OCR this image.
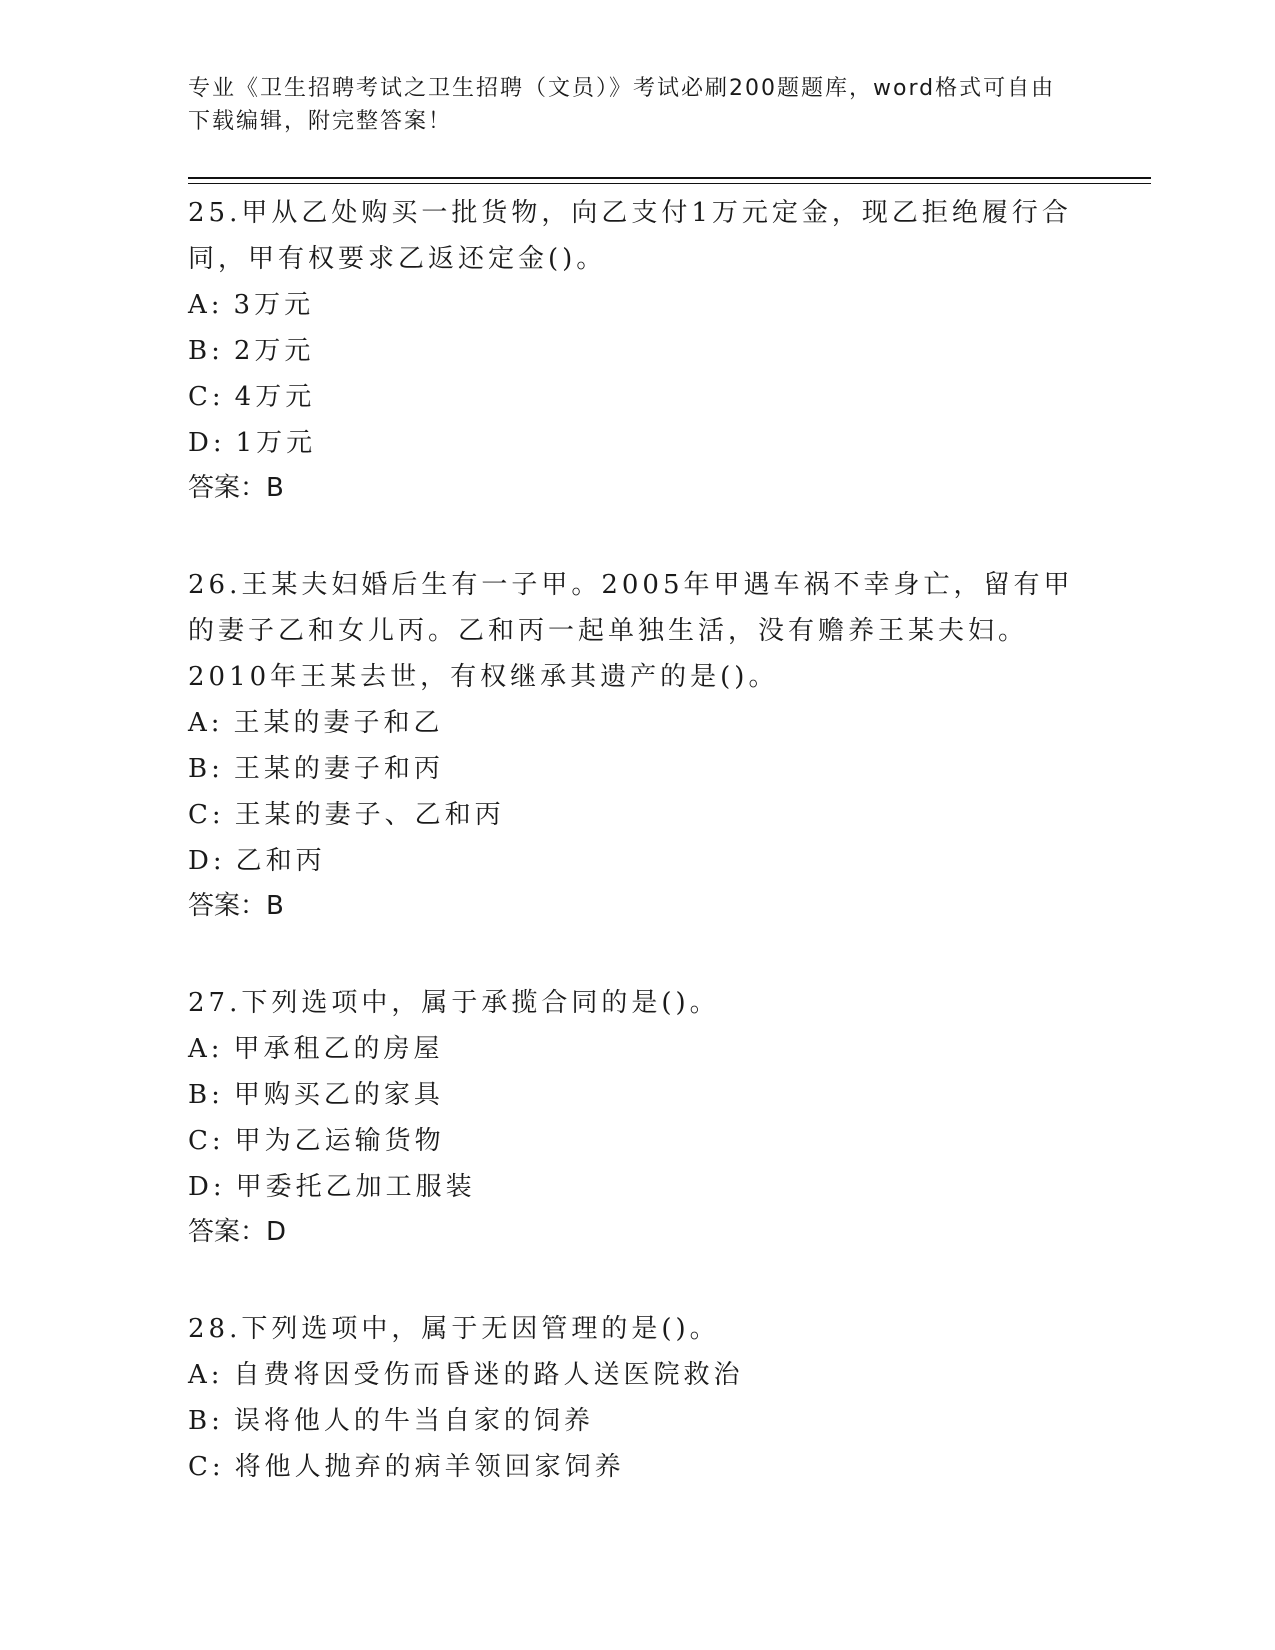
专业《卫生招聘考试之卫生招聘（文员）》考试必刷200题题库，word格式可自由下载编辑，附完整答案！

25.甲从乙处购买一批货物，向乙支付1万元定金，现乙拒绝履行合同，甲有权要求乙返还定金()。

A: 3万元

B: 2万元

C: 4万元

D: 1万元

答案：B

26.王某夫妇婚后生有一子甲。2005年甲遇车祸不幸身亡，留有甲的妻子乙和女儿丙。乙和丙一起单独生活，没有赡养王某夫妇。2010年王某去世，有权继承其遗产的是()。

A: 王某的妻子和乙

B: 王某的妻子和丙

C: 王某的妻子、乙和丙

D: 乙和丙

答案：B

27.下列选项中，属于承揽合同的是()。

A: 甲承租乙的房屋

B: 甲购买乙的家具

C: 甲为乙运输货物

D: 甲委托乙加工服装

答案：D

28.下列选项中，属于无因管理的是()。

A: 自费将因受伤而昏迷的路人送医院救治

B: 误将他人的牛当自家的饲养

C: 将他人抛弃的病羊领回家饲养
